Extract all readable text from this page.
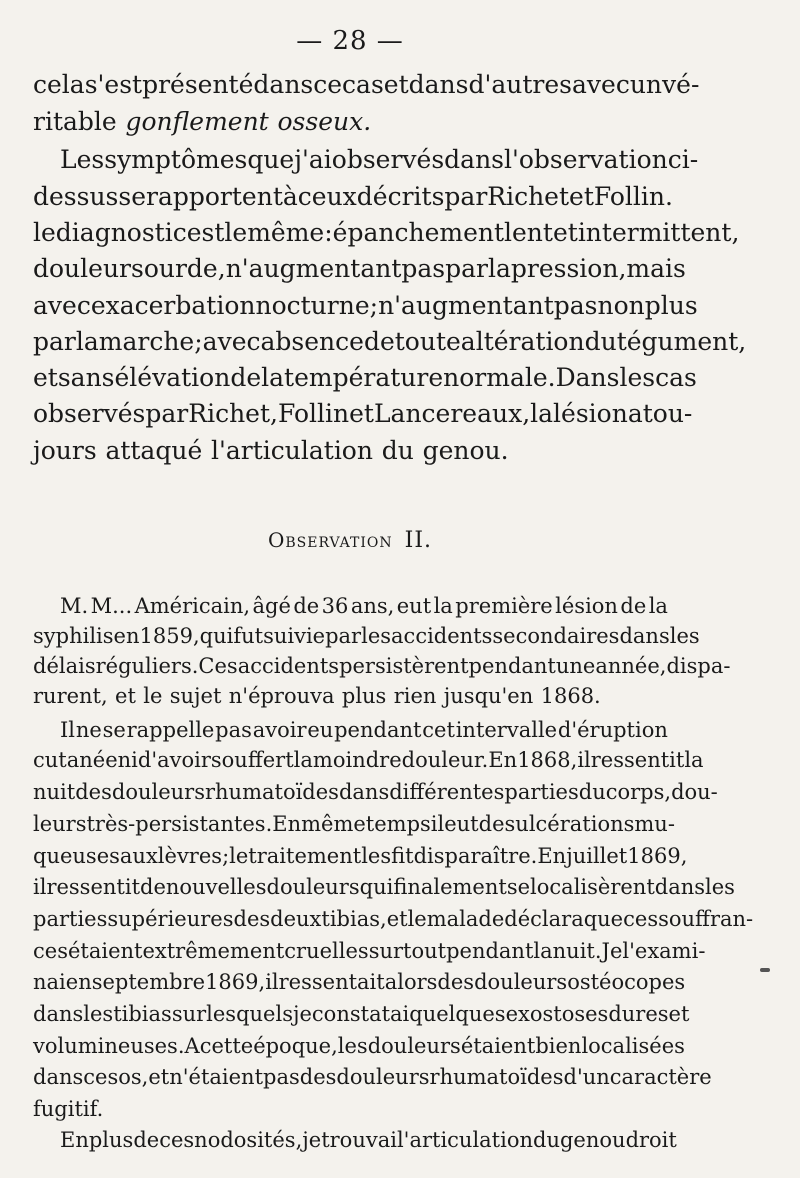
— 28 —
cela s'est présenté dans ce cas et dans d'autres avec un vé-
ritable gonflement osseux.
Les symptômes que j'ai observés dans l'observation ci-
dessus se rapportent à ceux décrits par Richet et Follin.
le diagnostic est le même : épanchement lent et intermittent,
douleur sourde, n'augmentant pas par la pression, mais
avec exacerbation nocturne ; n'augmentant pas non plus
par la marche ; avec absence de toute altération du tégument,
et sans élévation de la température normale. Dans les cas
observés par Richet, Follin et Lancereaux, la lésion a tou-
jours attaqué l'articulation du genou.
Observation II.
M. M... Américain, âgé de 36 ans, eut la première lésion de la
syphilis en 1859, qui fut suivie par les accidents secondaires dans les
délais réguliers. Ces accidents persistèrent pendant une année, dispa-
rurent, et le sujet n'éprouva plus rien jusqu'en 1868.
Il ne se rappelle pas avoir eu pendant cet intervalle d'éruption
cutanée ni d'avoir souffert la moindre douleur. En 1868, il ressentit la
nuit des douleurs rhumatoïdes dans différentes parties du corps, dou-
leurs très-persistantes. En même temps il eut des ulcérations mu-
queuses aux lèvres ; le traitement les fit disparaître. En juillet 1869,
il ressentit de nouvelles douleurs qui finalement se localisèrent dans les
parties supérieures des deux tibias, et le malade déclara que ces souffran-
ces étaient extrêmement cruelles surtout pendant la nuit. Je l'exami-
nai en septembre 1869, il ressentait alors des douleurs ostéocopes
dans les tibias sur lesquels je constatai quelques exostoses dures et
volumineuses. A cette époque, les douleurs étaient bien localisées
dans ces os, et n'étaient pas des douleurs rhumatoïdes d'un caractère
fugitif.
En plus de ces nodosités, je trouvai l'articulation du genou droit
